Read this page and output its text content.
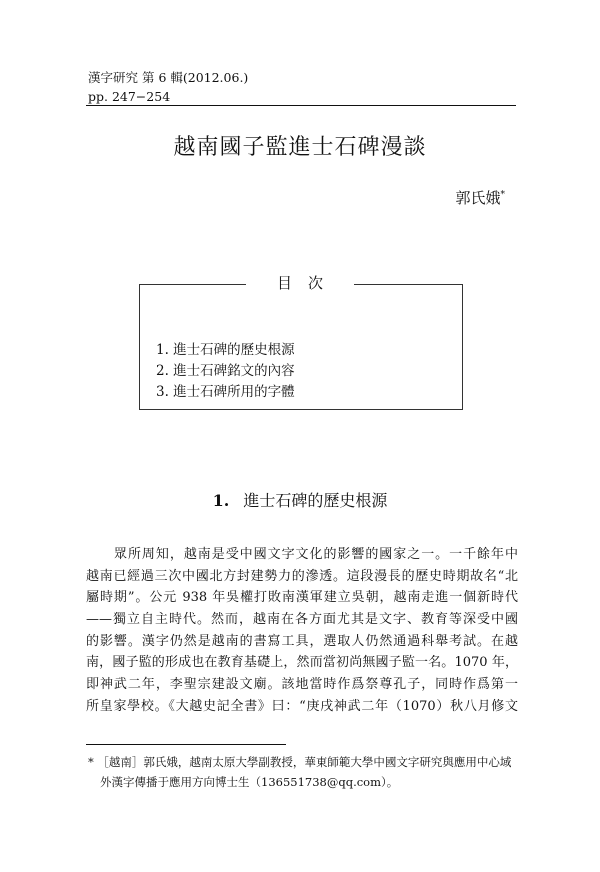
漢字研究 第 6 輯(2012.06.)
pp. 247−254
越南國子監進士石碑漫談
郭氏娥*
目次
1. 進士石碑的歷史根源
2. 進士石碑銘文的內容
3. 進士石碑所用的字體
1. 進士石碑的歷史根源
眾所周知，越南是受中國文字文化的影響的國家之一。一千餘年中
越南已經過三次中國北方封建勢力的滲透。這段漫長的歷史時期故名“北
屬時期”。公元 938 年吳權打敗南漢軍建立吳朝，越南走進一個新時代
——獨立自主時代。然而，越南在各方面尤其是文字、教育等深受中國
的影響。漢字仍然是越南的書寫工具，選取人仍然通過科舉考試。在越
南，國子監的形成也在教育基礎上，然而當初尚無國子監一名。1070 年，
即神武二年，李聖宗建設文廟。該地當時作爲祭尊孔子，同時作爲第一
所皇家學校。《大越史記全書》曰：“庚戌神武二年（1070）秋八月修文
* ［越南］郭氏娥，越南太原大學副教授，華東師範大學中國文字研究與應用中心域
外漢字傳播于應用方向博士生（136551738@qq.com）。
